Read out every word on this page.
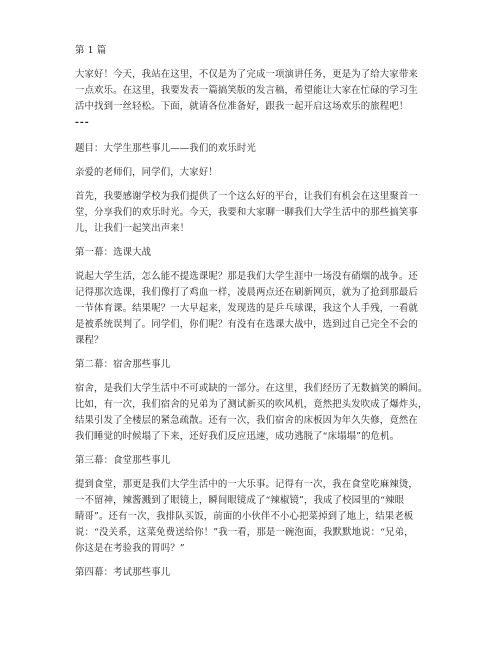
第 1 篇
大家好！今天，我站在这里，不仅是为了完成一项演讲任务，更是为了给大家带来
一点欢乐。在这里，我要发表一篇搞笑版的发言稿，希望能让大家在忙碌的学习生
活中找到一丝轻松。下面，就请各位准备好，跟我一起开启这场欢乐的旅程吧！
---
题目：大学生那些事儿——我们的欢乐时光
亲爱的老师们，同学们，大家好！
首先，我要感谢学校为我们提供了一个这么好的平台，让我们有机会在这里聚首一
堂，分享我们的欢乐时光。今天，我要和大家聊一聊我们大学生活中的那些搞笑事
儿，让我们一起笑出声来！
第一幕：选课大战
说起大学生活，怎么能不提选课呢？那是我们大学生涯中一场没有硝烟的战争。还
记得那次选课，我们像打了鸡血一样，凌晨两点还在刷新网页，就为了抢到那最后
一节体育课。结果呢？一大早起来，发现选的是乒乓球课，我这个人手残，一看就
是被系统误判了。同学们，你们呢？有没有在选课大战中，选到过自己完全不会的
课程？
第二幕：宿舍那些事儿
宿舍，是我们大学生活中不可或缺的一部分。在这里，我们经历了无数搞笑的瞬间。
比如，有一次，我们宿舍的兄弟为了测试新买的吹风机，竟然把头发吹成了爆炸头，
结果引发了全楼层的紧急疏散。还有一次，我们宿舍的床板因为年久失修，竟然在
我们睡觉的时候塌了下来，还好我们反应迅速，成功逃脱了“床塌塌”的危机。
第三幕：食堂那些事儿
提到食堂，那更是我们大学生活中的一大乐事。记得有一次，我在食堂吃麻辣烫，
一不留神，辣酱溅到了眼镜上，瞬间眼镜成了“辣椒镜”，我成了校园里的“辣眼
睛哥”。还有一次，我排队买饭，前面的小伙伴不小心把菜掉到了地上，结果老板
说：“没关系，这菜免费送给你！”我一看，那是一碗泡面，我默默地说：“兄弟，
你这是在考验我的胃吗？”
第四幕：考试那些事儿
